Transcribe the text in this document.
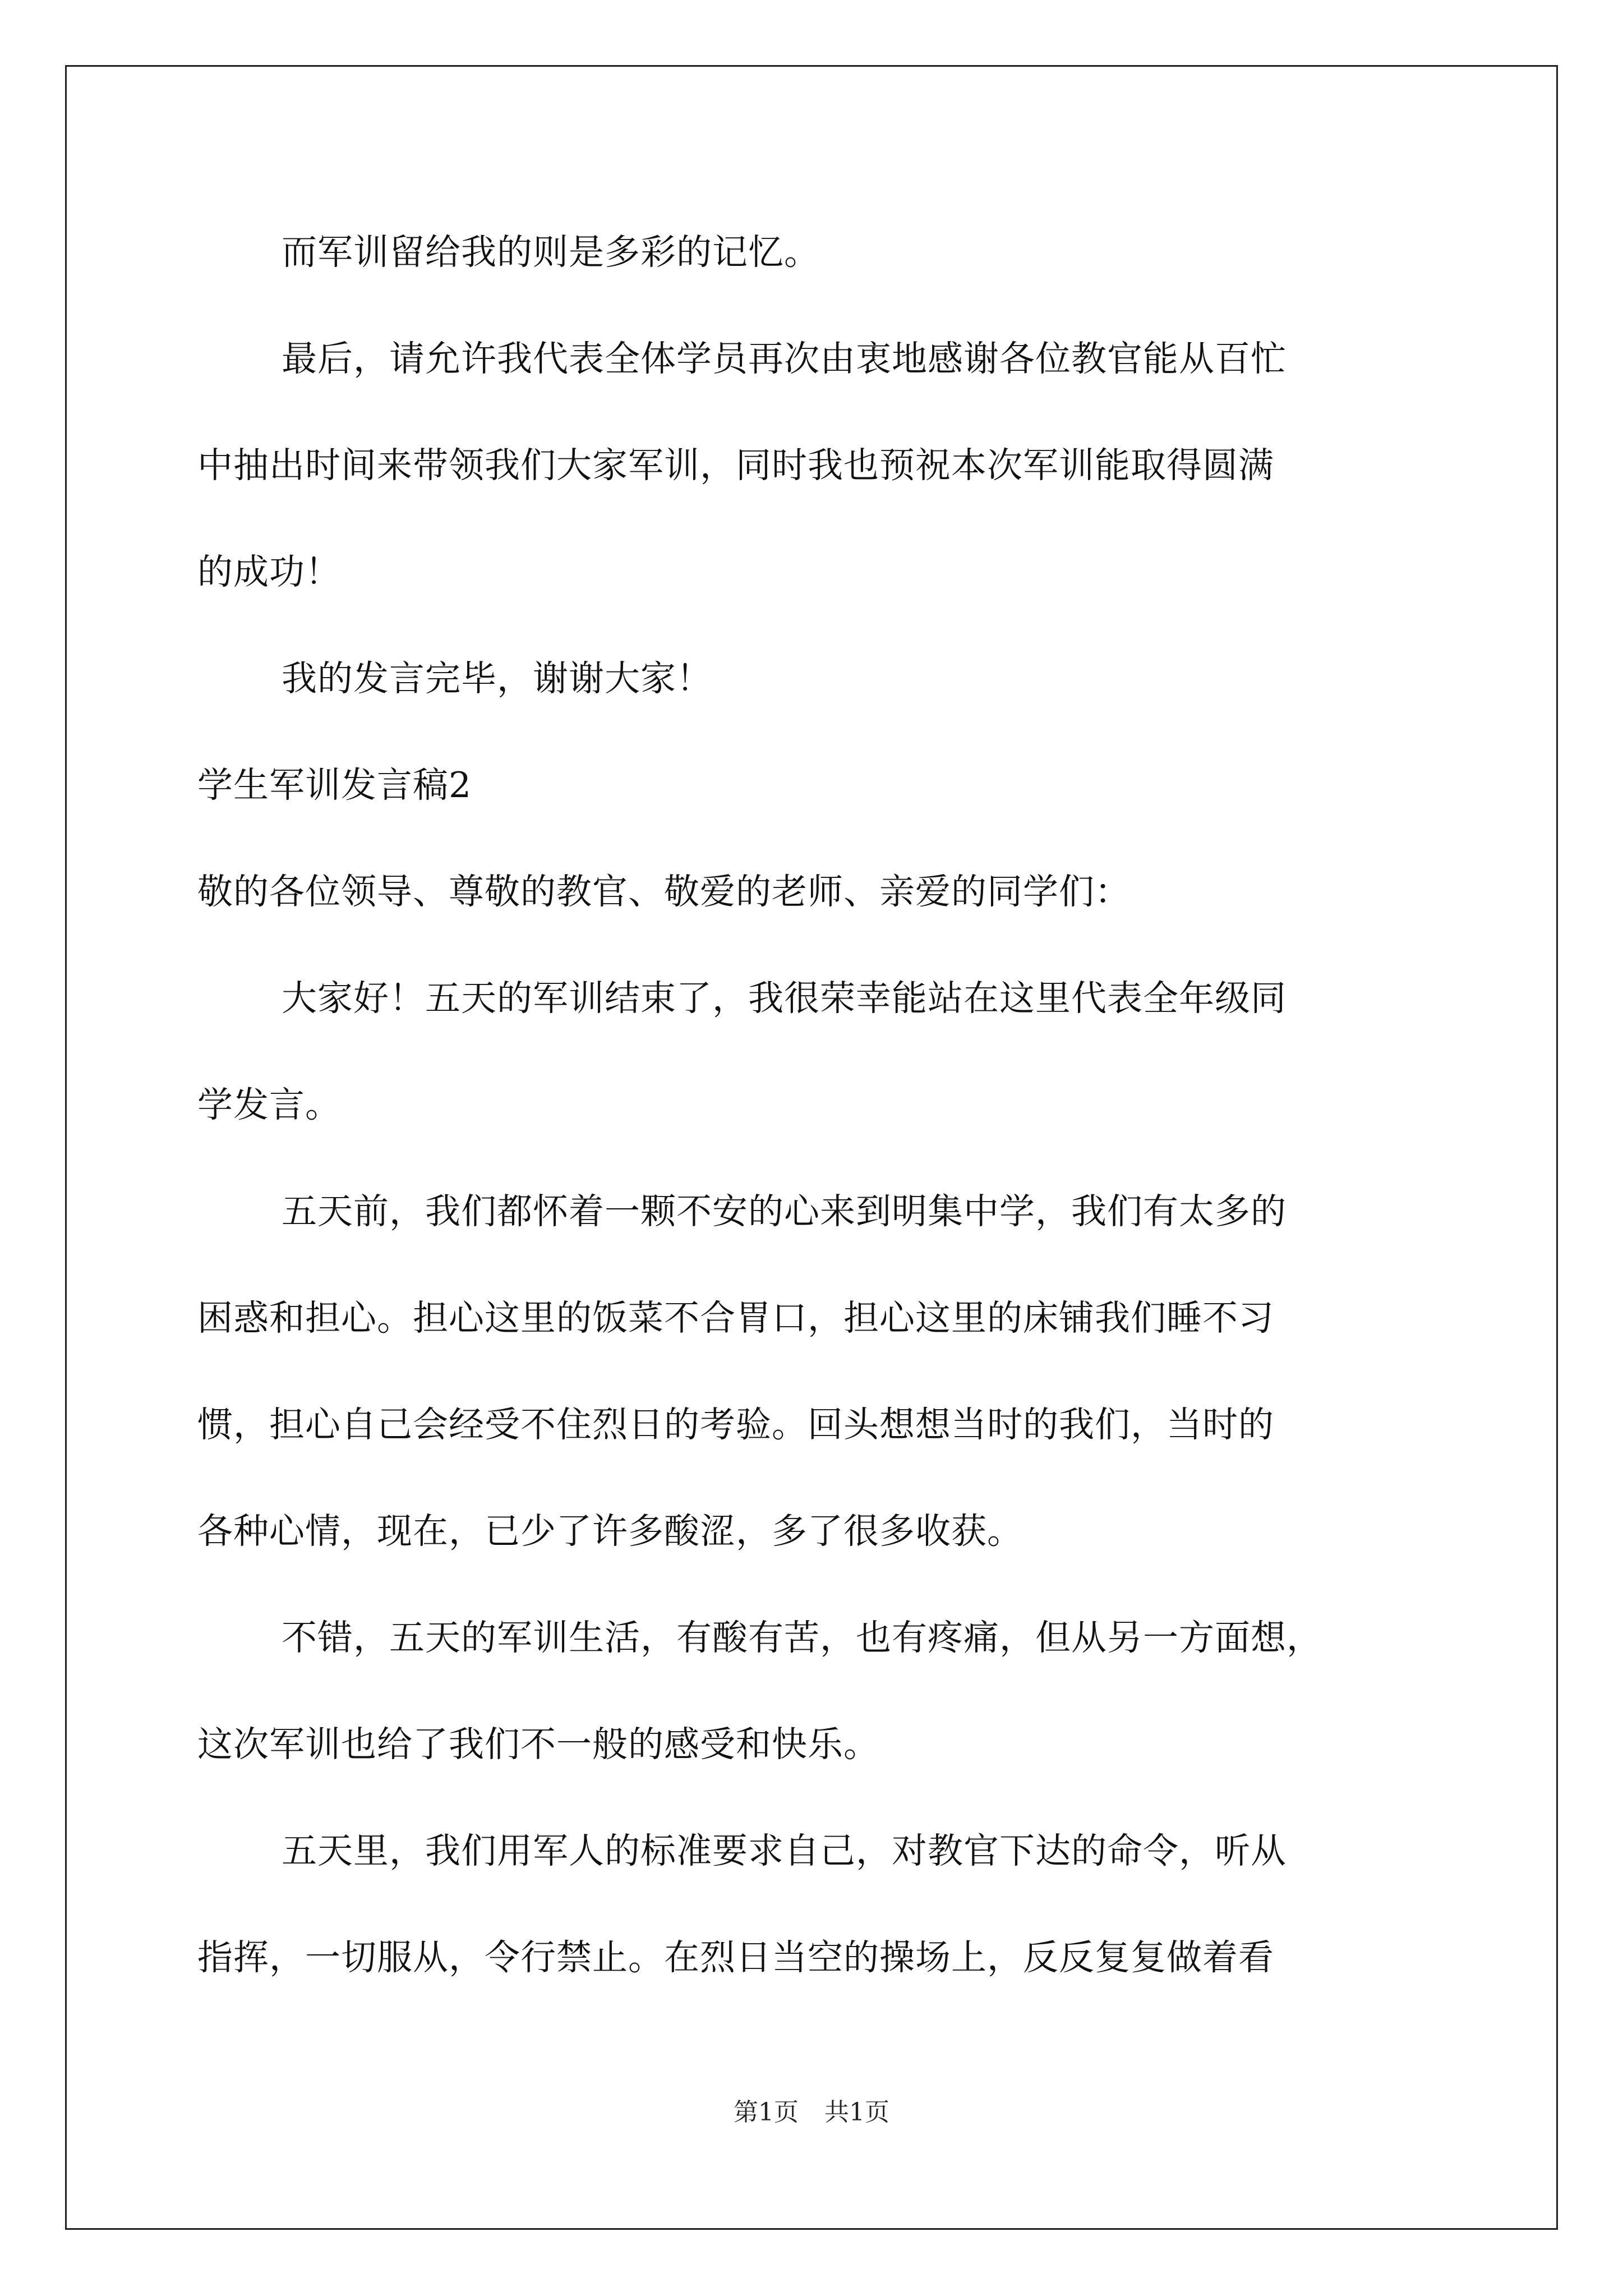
而军训留给我的则是多彩的记忆。
最后，请允许我代表全体学员再次由衷地感谢各位教官能从百忙
中抽出时间来带领我们大家军训，同时我也预祝本次军训能取得圆满
的成功！
我的发言完毕，谢谢大家！
学生军训发言稿2
敬的各位领导、尊敬的教官、敬爱的老师、亲爱的同学们：
大家好！五天的军训结束了，我很荣幸能站在这里代表全年级同
学发言。
五天前，我们都怀着一颗不安的心来到明集中学，我们有太多的
困惑和担心。担心这里的饭菜不合胃口，担心这里的床铺我们睡不习
惯，担心自己会经受不住烈日的考验。回头想想当时的我们，当时的
各种心情，现在，已少了许多酸涩，多了很多收获。
不错，五天的军训生活，有酸有苦，也有疼痛，但从另一方面想，
这次军训也给了我们不一般的感受和快乐。
五天里，我们用军人的标准要求自己，对教官下达的命令，听从
指挥，一切服从，令行禁止。在烈日当空的操场上，反反复复做着看
第1页 共1页
